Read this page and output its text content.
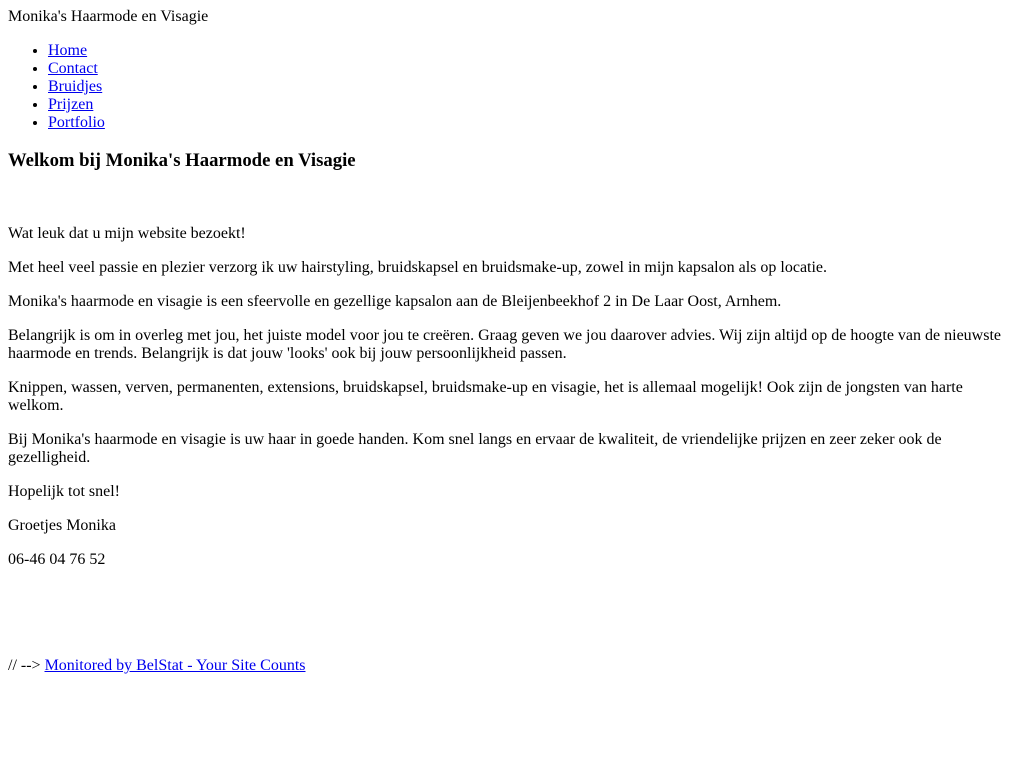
Monika's Haarmode en Visagie
• Home
• Contact
• Bruidjes
• Prijzen
• Portfolio
Welkom bij Monika's Haarmode en Visagie

Wat leuk dat u mijn website bezoekt!

Met heel veel passie en plezier verzorg ik uw hairstyling, bruidskapsel en bruidsmake-up, zowel in mijn kapsalon als op locatie.

Monika's haarmode en visagie is een sfeervolle en gezellige kapsalon aan de Bleijenbeekhof 2 in De Laar Oost, Arnhem.

Belangrijk is om in overleg met jou, het juiste model voor jou te creëren. Graag geven we jou daarover advies. Wij zijn altijd op de hoogte van de nieuwste haarmode en trends. Belangrijk is dat jouw 'looks' ook bij jouw persoonlijkheid passen.

Knippen, wassen, verven, permanenten, extensions, bruidskapsel, bruidsmake-up en visagie, het is allemaal mogelijk! Ook zijn de jongsten van harte welkom.

Bij Monika's haarmode en visagie is uw haar in goede handen. Kom snel langs en ervaar de kwaliteit, de vriendelijke prijzen en zeer zeker ook de gezelligheid.

Hopelijk tot snel!

Groetjes Monika

06-46 04 76 52

// --> Monitored by BelStat - Your Site Counts
